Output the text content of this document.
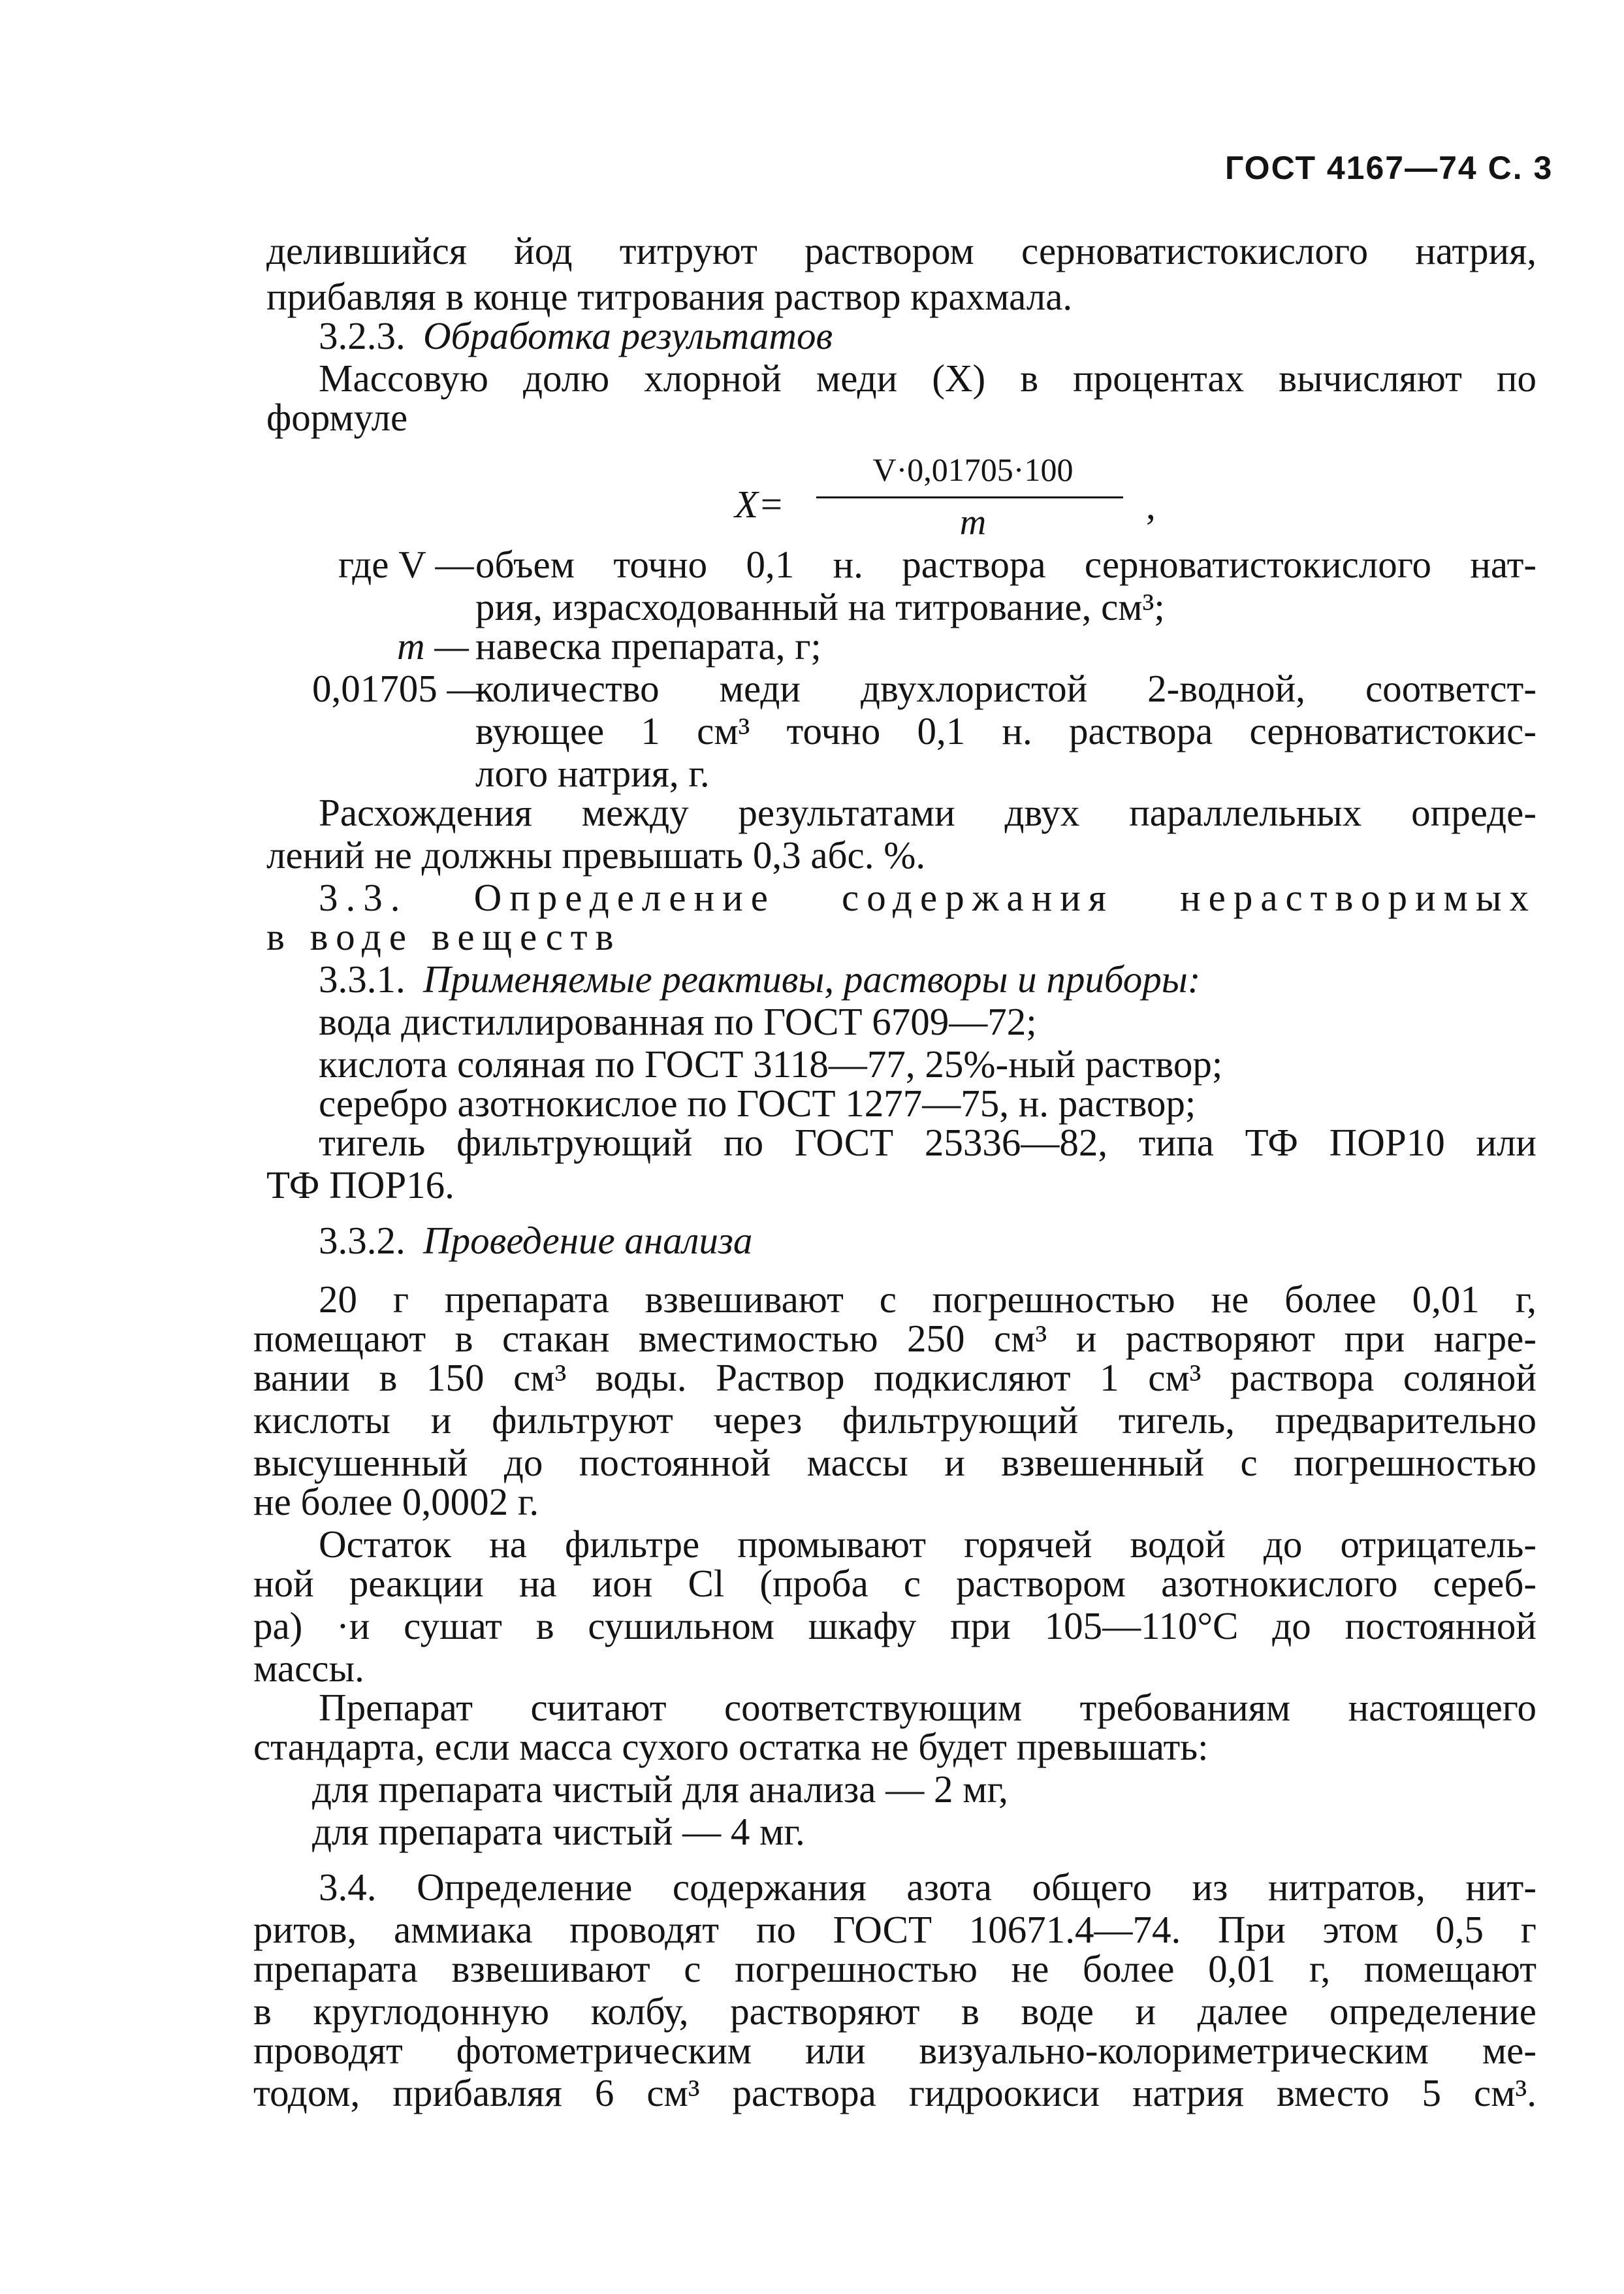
ГОСТ 4167—74 С. 3

делившийся йод титруют раствором серноватистокислого натрия,

прибавляя в конце титрования раствор крахмала.

3.2.3. Обработка результатов

Массовую долю хлорной меди (X) в процентах вычисляют по

формуле

X=
V·0,01705·100
m	,

где V — объем точно 0,1 н. раствора серноватистокислого нат-

рия, израсходованный на титрование, см³;

m — навеска препарата, г;

0,01705 —

количество меди двухлористой 2-водной, соответст-

вующее 1 см³ точно 0,1 н. раствора серноватистокис-

лого натрия, г.

Расхождения между результатами двух параллельных опреде-

лений не должны превышать 0,3 абс. %.

3.3. Определение содержания нерастворимых

в воде веществ

3.3.1. Применяемые реактивы, растворы и приборы:

вода дистиллированная по ГОСТ 6709—72;

кислота соляная по ГОСТ 3118—77, 25%-ный раствор;

серебро азотнокислое по ГОСТ 1277—75, н. раствор;

тигель фильтрующий по ГОСТ 25336—82, типа ТФ ПОР10 или

ТФ ПОР16.

3.3.2. Проведение анализа

20 г препарата взвешивают с погрешностью не более 0,01 г,

помещают в стакан вместимостью 250 см³ и растворяют при нагре-

вании в 150 см³ воды. Раствор подкисляют 1 см³ раствора соляной

кислоты и фильтруют через фильтрующий тигель, предварительно

высушенный до постоянной массы и взвешенный с погрешностью

не более 0,0002 г.

Остаток на фильтре промывают горячей водой до отрицатель-

ной реакции на ион Cl (проба с раствором азотнокислого сереб-

ра) ·и сушат в сушильном шкафу при 105—110°С до постоянной

массы.

Препарат считают соответствующим требованиям настоящего

стандарта, если масса сухого остатка не будет превышать:

для препарата чистый для анализа — 2 мг,

для препарата чистый — 4 мг.

3.4. Определение содержания азота общего из нитратов, нит-

ритов, аммиака проводят по ГОСТ 10671.4—74. При этом 0,5 г

препарата взвешивают с погрешностью не более 0,01 г, помещают

в круглодонную колбу, растворяют в воде и далее определение

проводят фотометрическим или визуально-колориметрическим ме-

тодом, прибавляя 6 см³ раствора гидроокиси натрия вместо 5 см³.
